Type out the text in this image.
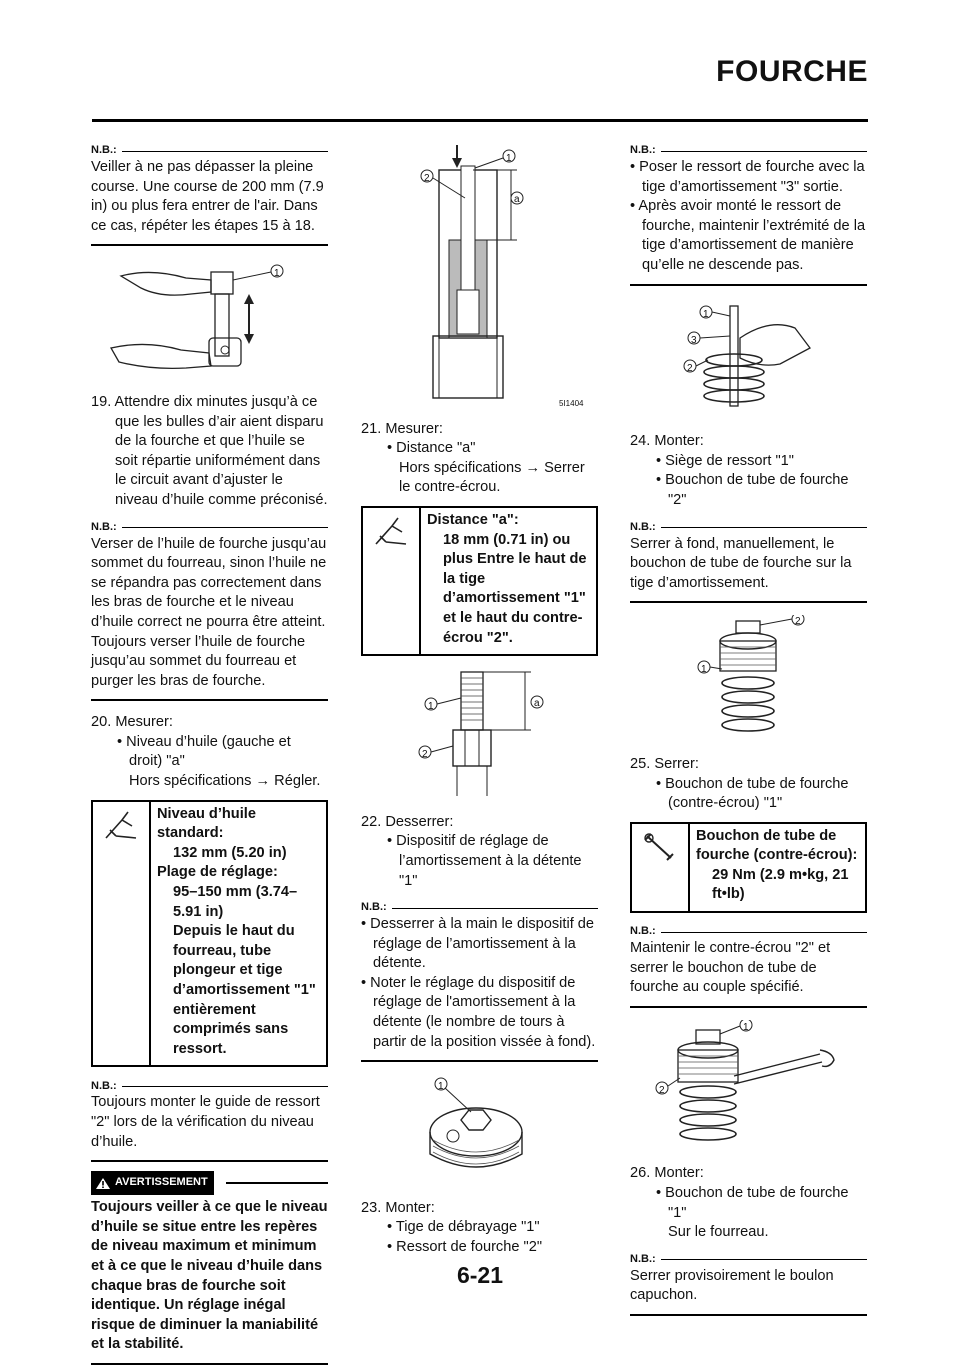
FOURCHE
N.B.:

Veiller à ne pas dépasser la pleine course. Une course de 200 mm (7.9 in) ou plus fera entrer de l'air. Dans ce cas, répéter les étapes 15 à 18.

1

19. Attendre dix minutes jusqu’à ce que les bulles d’air aient disparu de la fourche et que l’huile se soit répartie uniformément dans le circuit avant d’ajuster le niveau d’huile comme préconisé.

N.B.:

Verser de l’huile de fourche jusqu’au sommet du fourreau, sinon l’huile ne se répandra pas correctement dans les bras de fourche et le niveau d’huile correct ne pourra être atteint. Toujours verser l’huile de fourche jusqu’au sommet du fourreau et purger les bras de fourche.

20. Mesurer:

• Niveau d’huile (gauche et droit) "a"

Hors spécifications → Régler.

Niveau d’huile standard:
132 mm (5.20 in)
Plage de réglage:
95–150 mm (3.74–5.91 in)
Depuis le haut du fourreau, tube plongeur et tige d’amortissement "1" entièrement comprimés sans ressort.
N.B.:

Toujours monter le guide de ressort "2" lors de la vérification du niveau d’huile.

AVERTISSEMENT

Toujours veiller à ce que le niveau d’huile se situe entre les repères de niveau maximum et minimum et à ce que le niveau d’huile dans chaque bras de fourche soit identique. Un réglage inégal risque de diminuer la maniabilité et la stabilité.

1
2
a
5I1404

21. Mesurer:

• Distance "a"

Hors spécifications → Serrer le contre-écrou.

Distance "a":
18 mm (0.71 in) ou plus Entre le haut de la tige d’amortissement "1" et le haut du contre-écrou "2".
1
2
a

22. Desserrer:

• Dispositif de réglage de l’amortissement à la détente "1"

N.B.:

• Desserrer à la main le dispositif de réglage de l’amortissement à la détente.

• Noter le réglage du dispositif de réglage de l'amortissement à la détente (le nombre de tours à partir de la position vissée à fond).

1

23. Monter:

• Tige de débrayage "1"

• Ressort de fourche "2"

N.B.:

• Poser le ressort de fourche avec la tige d’amortissement "3" sortie.

• Après avoir monté le ressort de fourche, maintenir l’extrémité de la tige d’amortissement de manière qu’elle ne descende pas.

1
3
2

24. Monter:

• Siège de ressort "1"

• Bouchon de tube de fourche "2"

N.B.:

Serrer à fond, manuellement, le bouchon de tube de fourche sur la tige d’amortissement.

2
1

25. Serrer:

• Bouchon de tube de fourche (contre-écrou) "1"

Bouchon de tube de fourche (contre-écrou):
29 Nm (2.9 m•kg, 21 ft•lb)
N.B.:

Maintenir le contre-écrou "2" et serrer le bouchon de tube de fourche au couple spécifié.

1
2

26. Monter:

• Bouchon de tube de fourche "1"

Sur le fourreau.

N.B.:

Serrer provisoirement le boulon capuchon.

6-21
